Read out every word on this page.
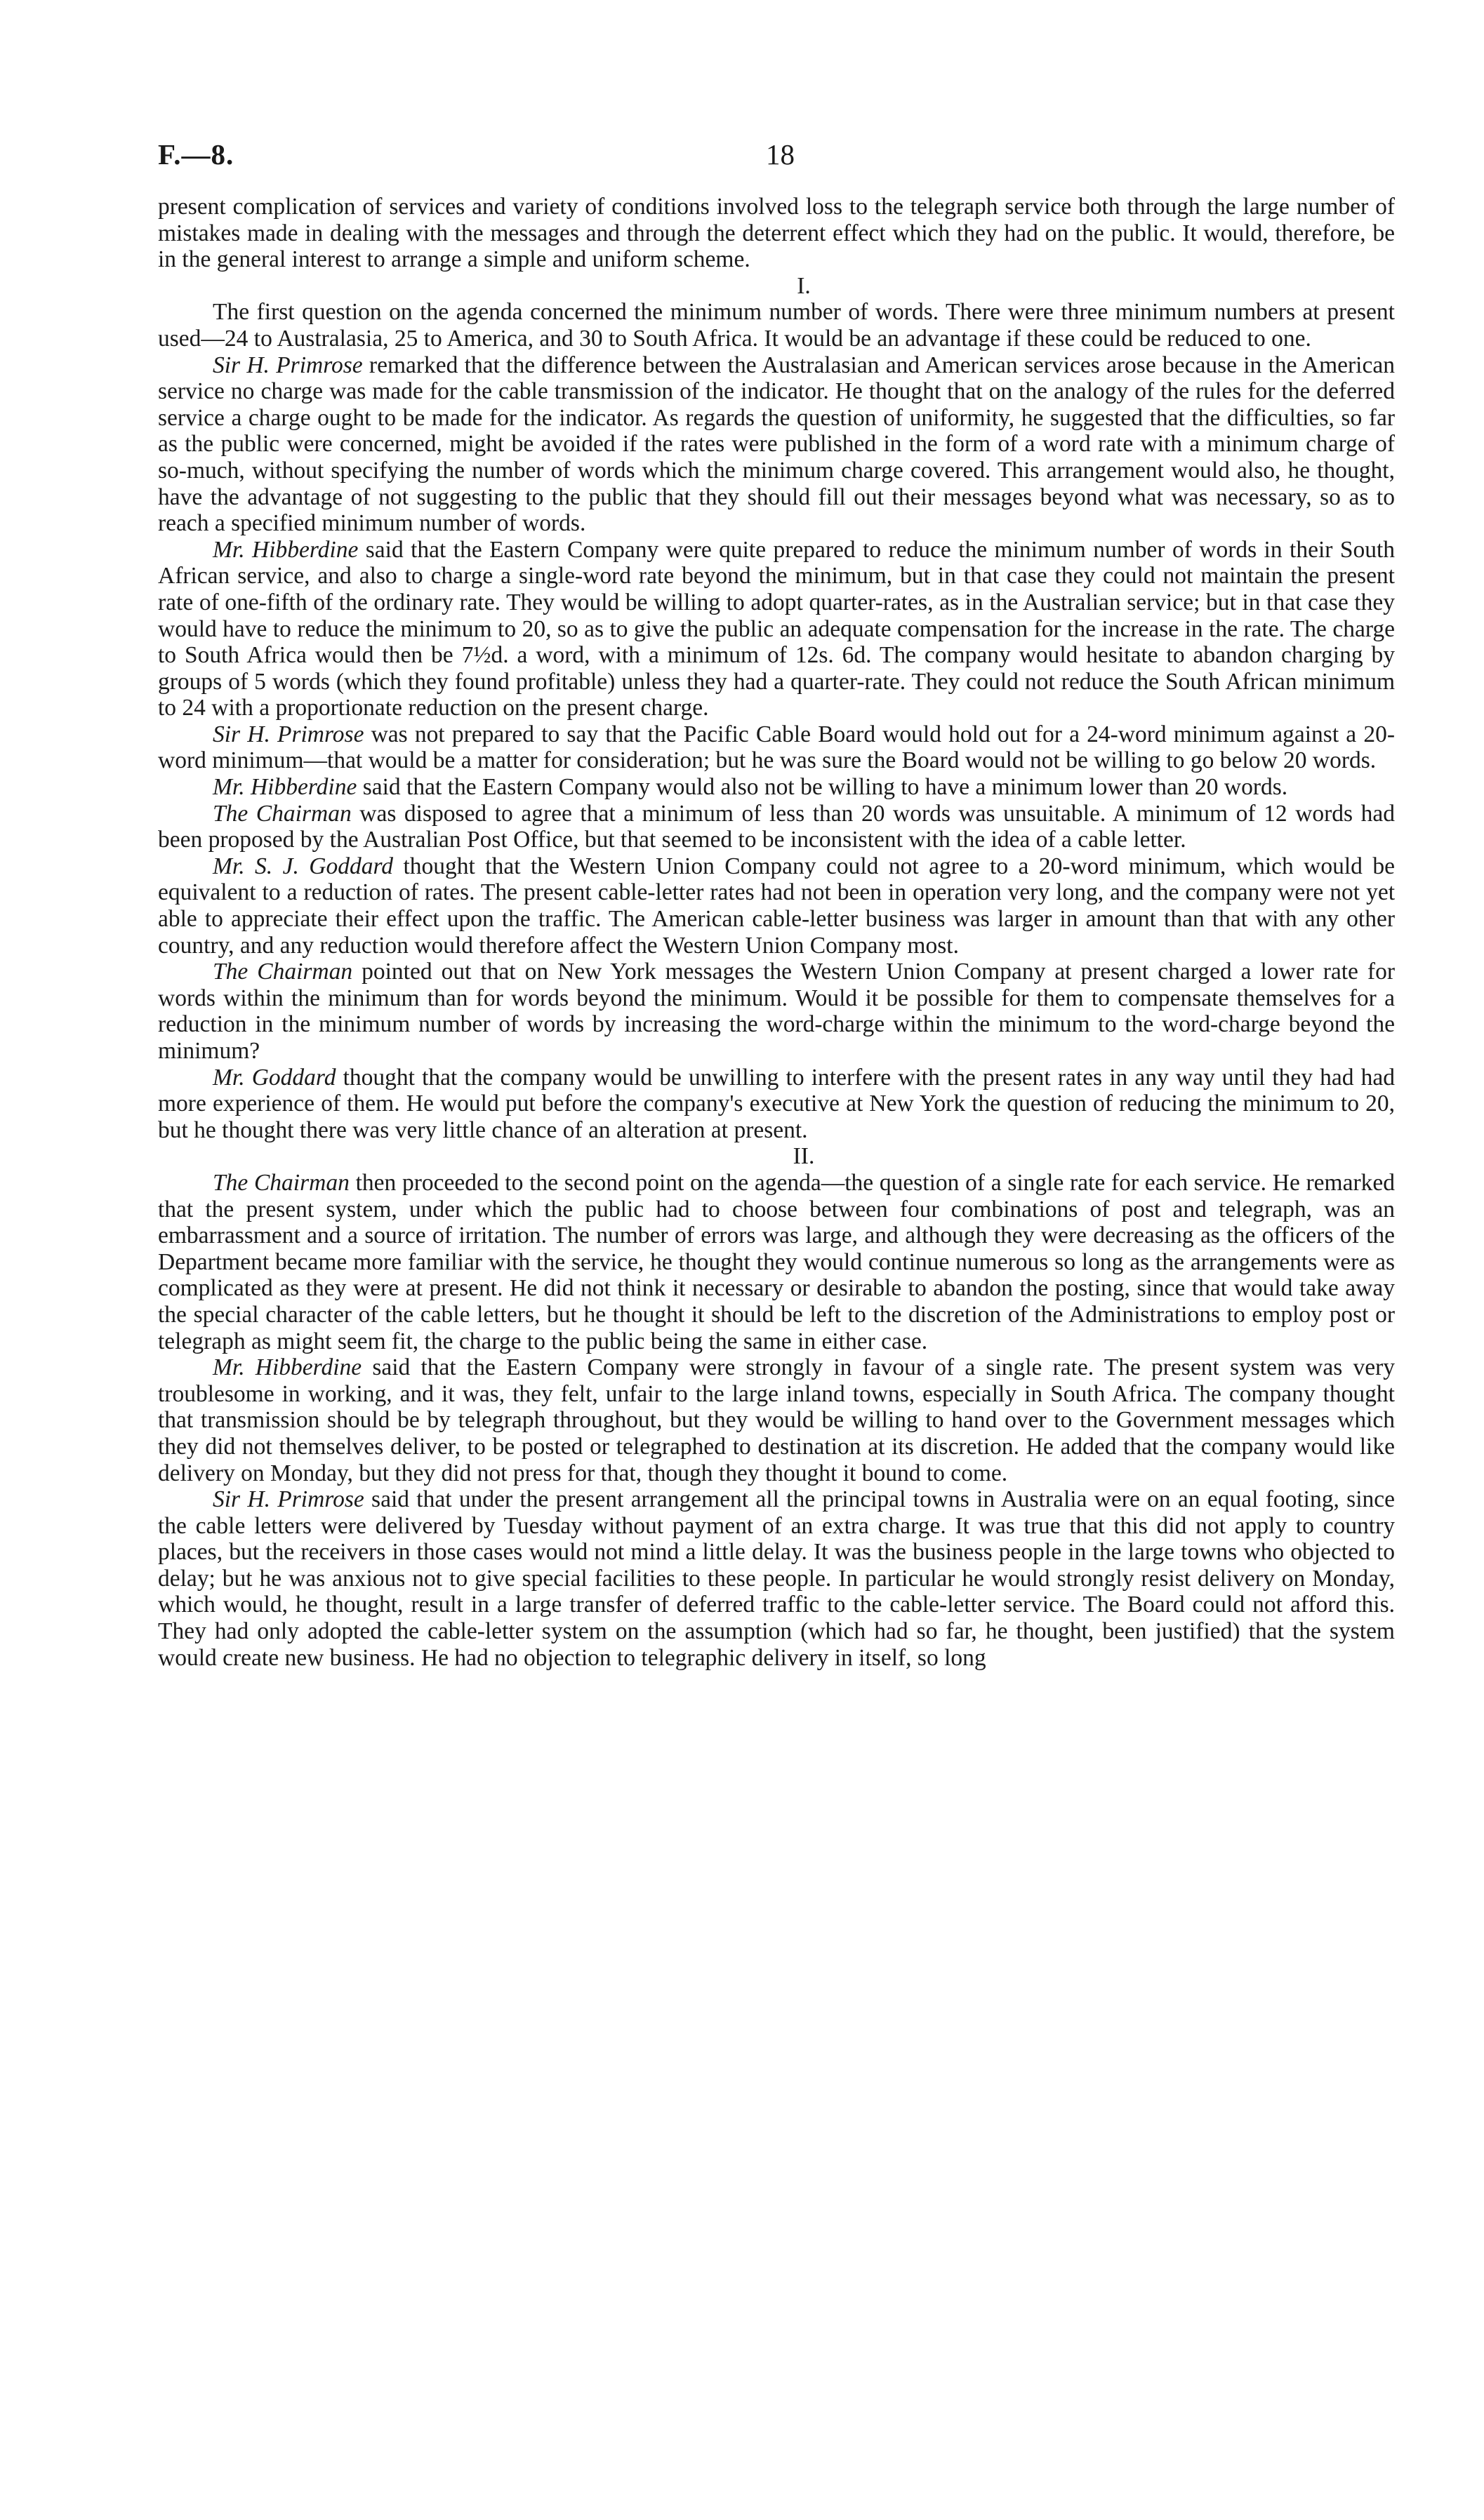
F.—8.	18

present complication of services and variety of conditions involved loss to the telegraph service both through the large number of mistakes made in dealing with the messages and through the deterrent effect which they had on the public. It would, therefore, be in the general interest to arrange a simple and uniform scheme.

I.

The first question on the agenda concerned the minimum number of words. There were three minimum numbers at present used—24 to Australasia, 25 to America, and 30 to South Africa. It would be an advantage if these could be reduced to one.

Sir H. Primrose remarked that the difference between the Australasian and American services arose because in the American service no charge was made for the cable transmission of the indicator. He thought that on the analogy of the rules for the deferred service a charge ought to be made for the indicator. As regards the question of uniformity, he suggested that the difficulties, so far as the public were concerned, might be avoided if the rates were published in the form of a word rate with a minimum charge of so-much, without specifying the number of words which the minimum charge covered. This arrangement would also, he thought, have the advantage of not suggesting to the public that they should fill out their messages beyond what was necessary, so as to reach a specified minimum number of words.

Mr. Hibberdine said that the Eastern Company were quite prepared to reduce the minimum number of words in their South African service, and also to charge a single-word rate beyond the minimum, but in that case they could not maintain the present rate of one-fifth of the ordinary rate. They would be willing to adopt quarter-rates, as in the Australian service; but in that case they would have to reduce the minimum to 20, so as to give the public an adequate compensation for the increase in the rate. The charge to South Africa would then be 7½d. a word, with a minimum of 12s. 6d. The company would hesitate to abandon charging by groups of 5 words (which they found profitable) unless they had a quarter-rate. They could not reduce the South African minimum to 24 with a proportionate reduction on the present charge.

Sir H. Primrose was not prepared to say that the Pacific Cable Board would hold out for a 24-word minimum against a 20-word minimum—that would be a matter for consideration; but he was sure the Board would not be willing to go below 20 words.

Mr. Hibberdine said that the Eastern Company would also not be willing to have a minimum lower than 20 words.

The Chairman was disposed to agree that a minimum of less than 20 words was unsuitable. A minimum of 12 words had been proposed by the Australian Post Office, but that seemed to be inconsistent with the idea of a cable letter.

Mr. S. J. Goddard thought that the Western Union Company could not agree to a 20-word minimum, which would be equivalent to a reduction of rates. The present cable-letter rates had not been in operation very long, and the company were not yet able to appreciate their effect upon the traffic. The American cable-letter business was larger in amount than that with any other country, and any reduction would therefore affect the Western Union Company most.

The Chairman pointed out that on New York messages the Western Union Company at present charged a lower rate for words within the minimum than for words beyond the minimum. Would it be possible for them to compensate themselves for a reduction in the minimum number of words by increasing the word-charge within the minimum to the word-charge beyond the minimum?

Mr. Goddard thought that the company would be unwilling to interfere with the present rates in any way until they had had more experience of them. He would put before the company's executive at New York the question of reducing the minimum to 20, but he thought there was very little chance of an alteration at present.

II.

The Chairman then proceeded to the second point on the agenda—the question of a single rate for each service. He remarked that the present system, under which the public had to choose between four combinations of post and telegraph, was an embarrassment and a source of irritation. The number of errors was large, and although they were decreasing as the officers of the Department became more familiar with the service, he thought they would continue numerous so long as the arrangements were as complicated as they were at present. He did not think it necessary or desirable to abandon the posting, since that would take away the special character of the cable letters, but he thought it should be left to the discretion of the Administrations to employ post or telegraph as might seem fit, the charge to the public being the same in either case.

Mr. Hibberdine said that the Eastern Company were strongly in favour of a single rate. The present system was very troublesome in working, and it was, they felt, unfair to the large inland towns, especially in South Africa. The company thought that transmission should be by telegraph throughout, but they would be willing to hand over to the Government messages which they did not themselves deliver, to be posted or telegraphed to destination at its discretion. He added that the company would like delivery on Monday, but they did not press for that, though they thought it bound to come.

Sir H. Primrose said that under the present arrangement all the principal towns in Australia were on an equal footing, since the cable letters were delivered by Tuesday without payment of an extra charge. It was true that this did not apply to country places, but the receivers in those cases would not mind a little delay. It was the business people in the large towns who objected to delay; but he was anxious not to give special facilities to these people. In particular he would strongly resist delivery on Monday, which would, he thought, result in a large transfer of deferred traffic to the cable-letter service. The Board could not afford this. They had only adopted the cable-letter system on the assumption (which had so far, he thought, been justified) that the system would create new business. He had no objection to telegraphic delivery in itself, so long
